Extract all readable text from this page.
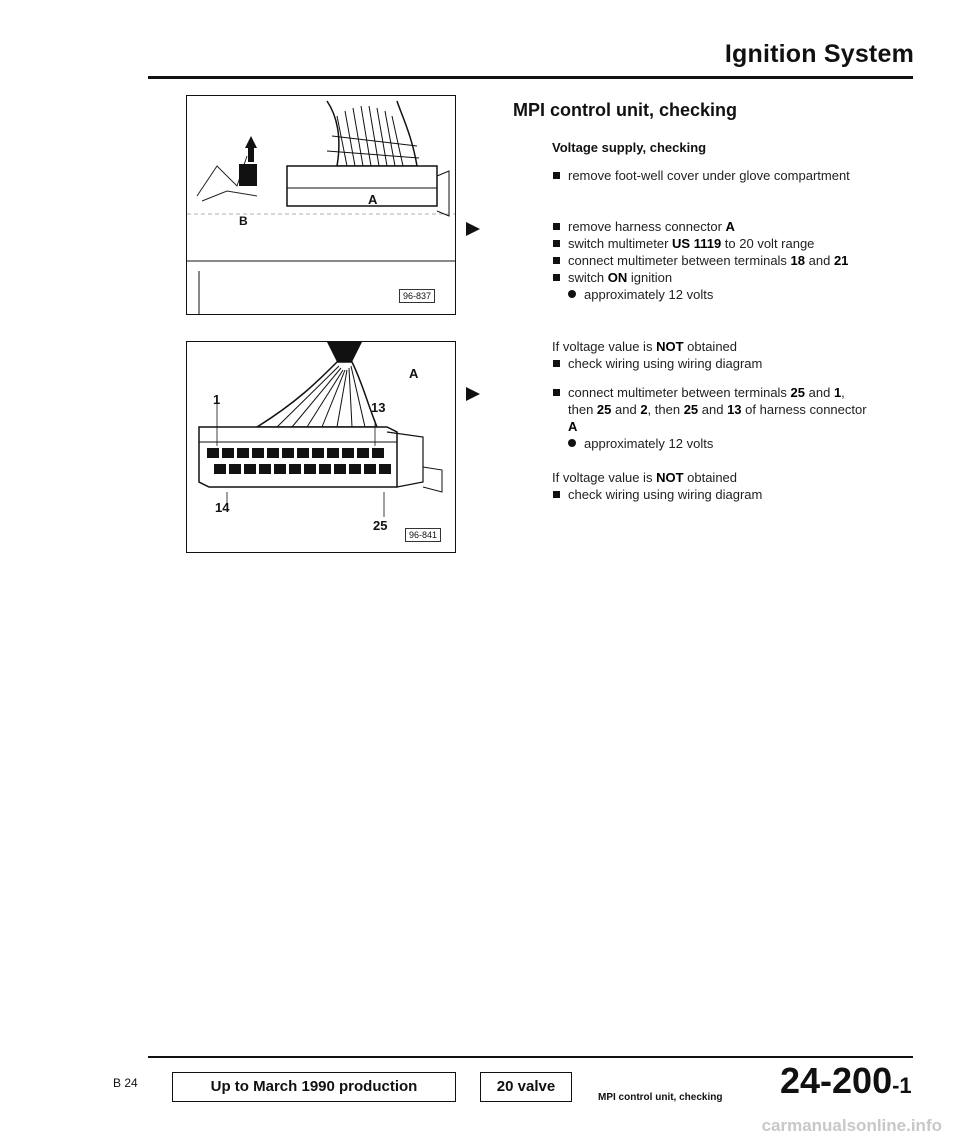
Ignition System
A
B
96-837
A
1
13
14
25
96-841
MPI control unit, checking
Voltage supply, checking
remove foot-well cover under glove compartment
remove harness connector A
switch multimeter US 1119 to 20 volt range
connect multimeter between terminals 18 and 21
switch ON ignition
approximately 12 volts
If voltage value is NOT obtained
check wiring using wiring diagram
connect multimeter between terminals 25 and 1, then 25 and 2, then 25 and 13 of harness connector A
approximately 12 volts
If voltage value is NOT obtained
check wiring using wiring diagram
B 24	Up to March 1990 production	20 valve
MPI control unit, checking 24-200-1
carmanualsonline.info
